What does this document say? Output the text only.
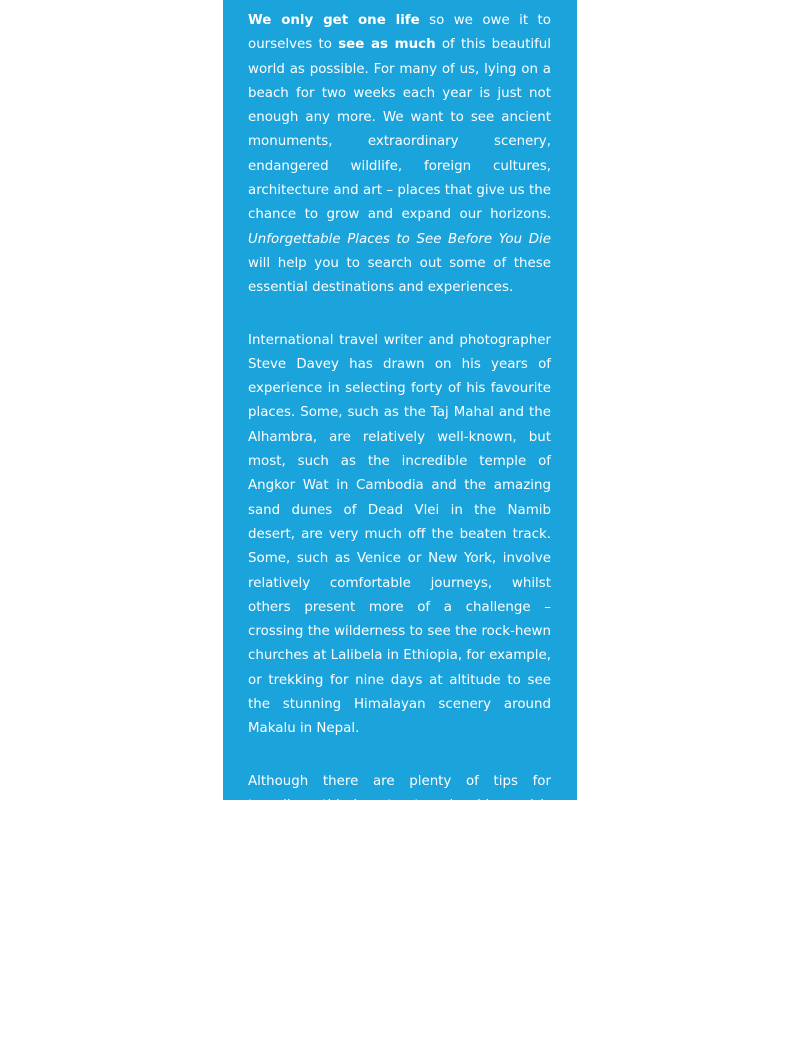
We only get one life so we owe it to ourselves to see as much of this beautiful world as possible. For many of us, lying on a beach for two weeks each year is just not enough any more. We want to see ancient monuments, extraordinary scenery, endangered wildlife, foreign cultures, architecture and art – places that give us the chance to grow and expand our horizons. Unforgettable Places to See Before You Die will help you to search out some of these essential destinations and experiences.

International travel writer and photographer Steve Davey has drawn on his years of experience in selecting forty of his favourite places. Some, such as the Taj Mahal and the Alhambra, are relatively well-known, but most, such as the incredible temple of Angkor Wat in Cambodia and the amazing sand dunes of Dead Vlei in the Namib desert, are very much off the beaten track. Some, such as Venice or New York, involve relatively comfortable journeys, whilst others present more of a challenge – crossing the wilderness to see the rock-hewn churches at Lalibela in Ethiopia, for example, or trekking for nine days at altitude to see the stunning Himalayan scenery around Makalu in Nepal.

Although there are plenty of tips for travellers, this is not a travel guide, and is certainly not definitive, but it will introduce you to a host of spectacular locations, all of which can be visited in a holiday of two weeks or less. Beautifully illustrated throughout with specially commissioned photographs, this is a book that will inspire you to think beyond the walls of your room and take time out to visit some of the world's truly unforgettable places.
